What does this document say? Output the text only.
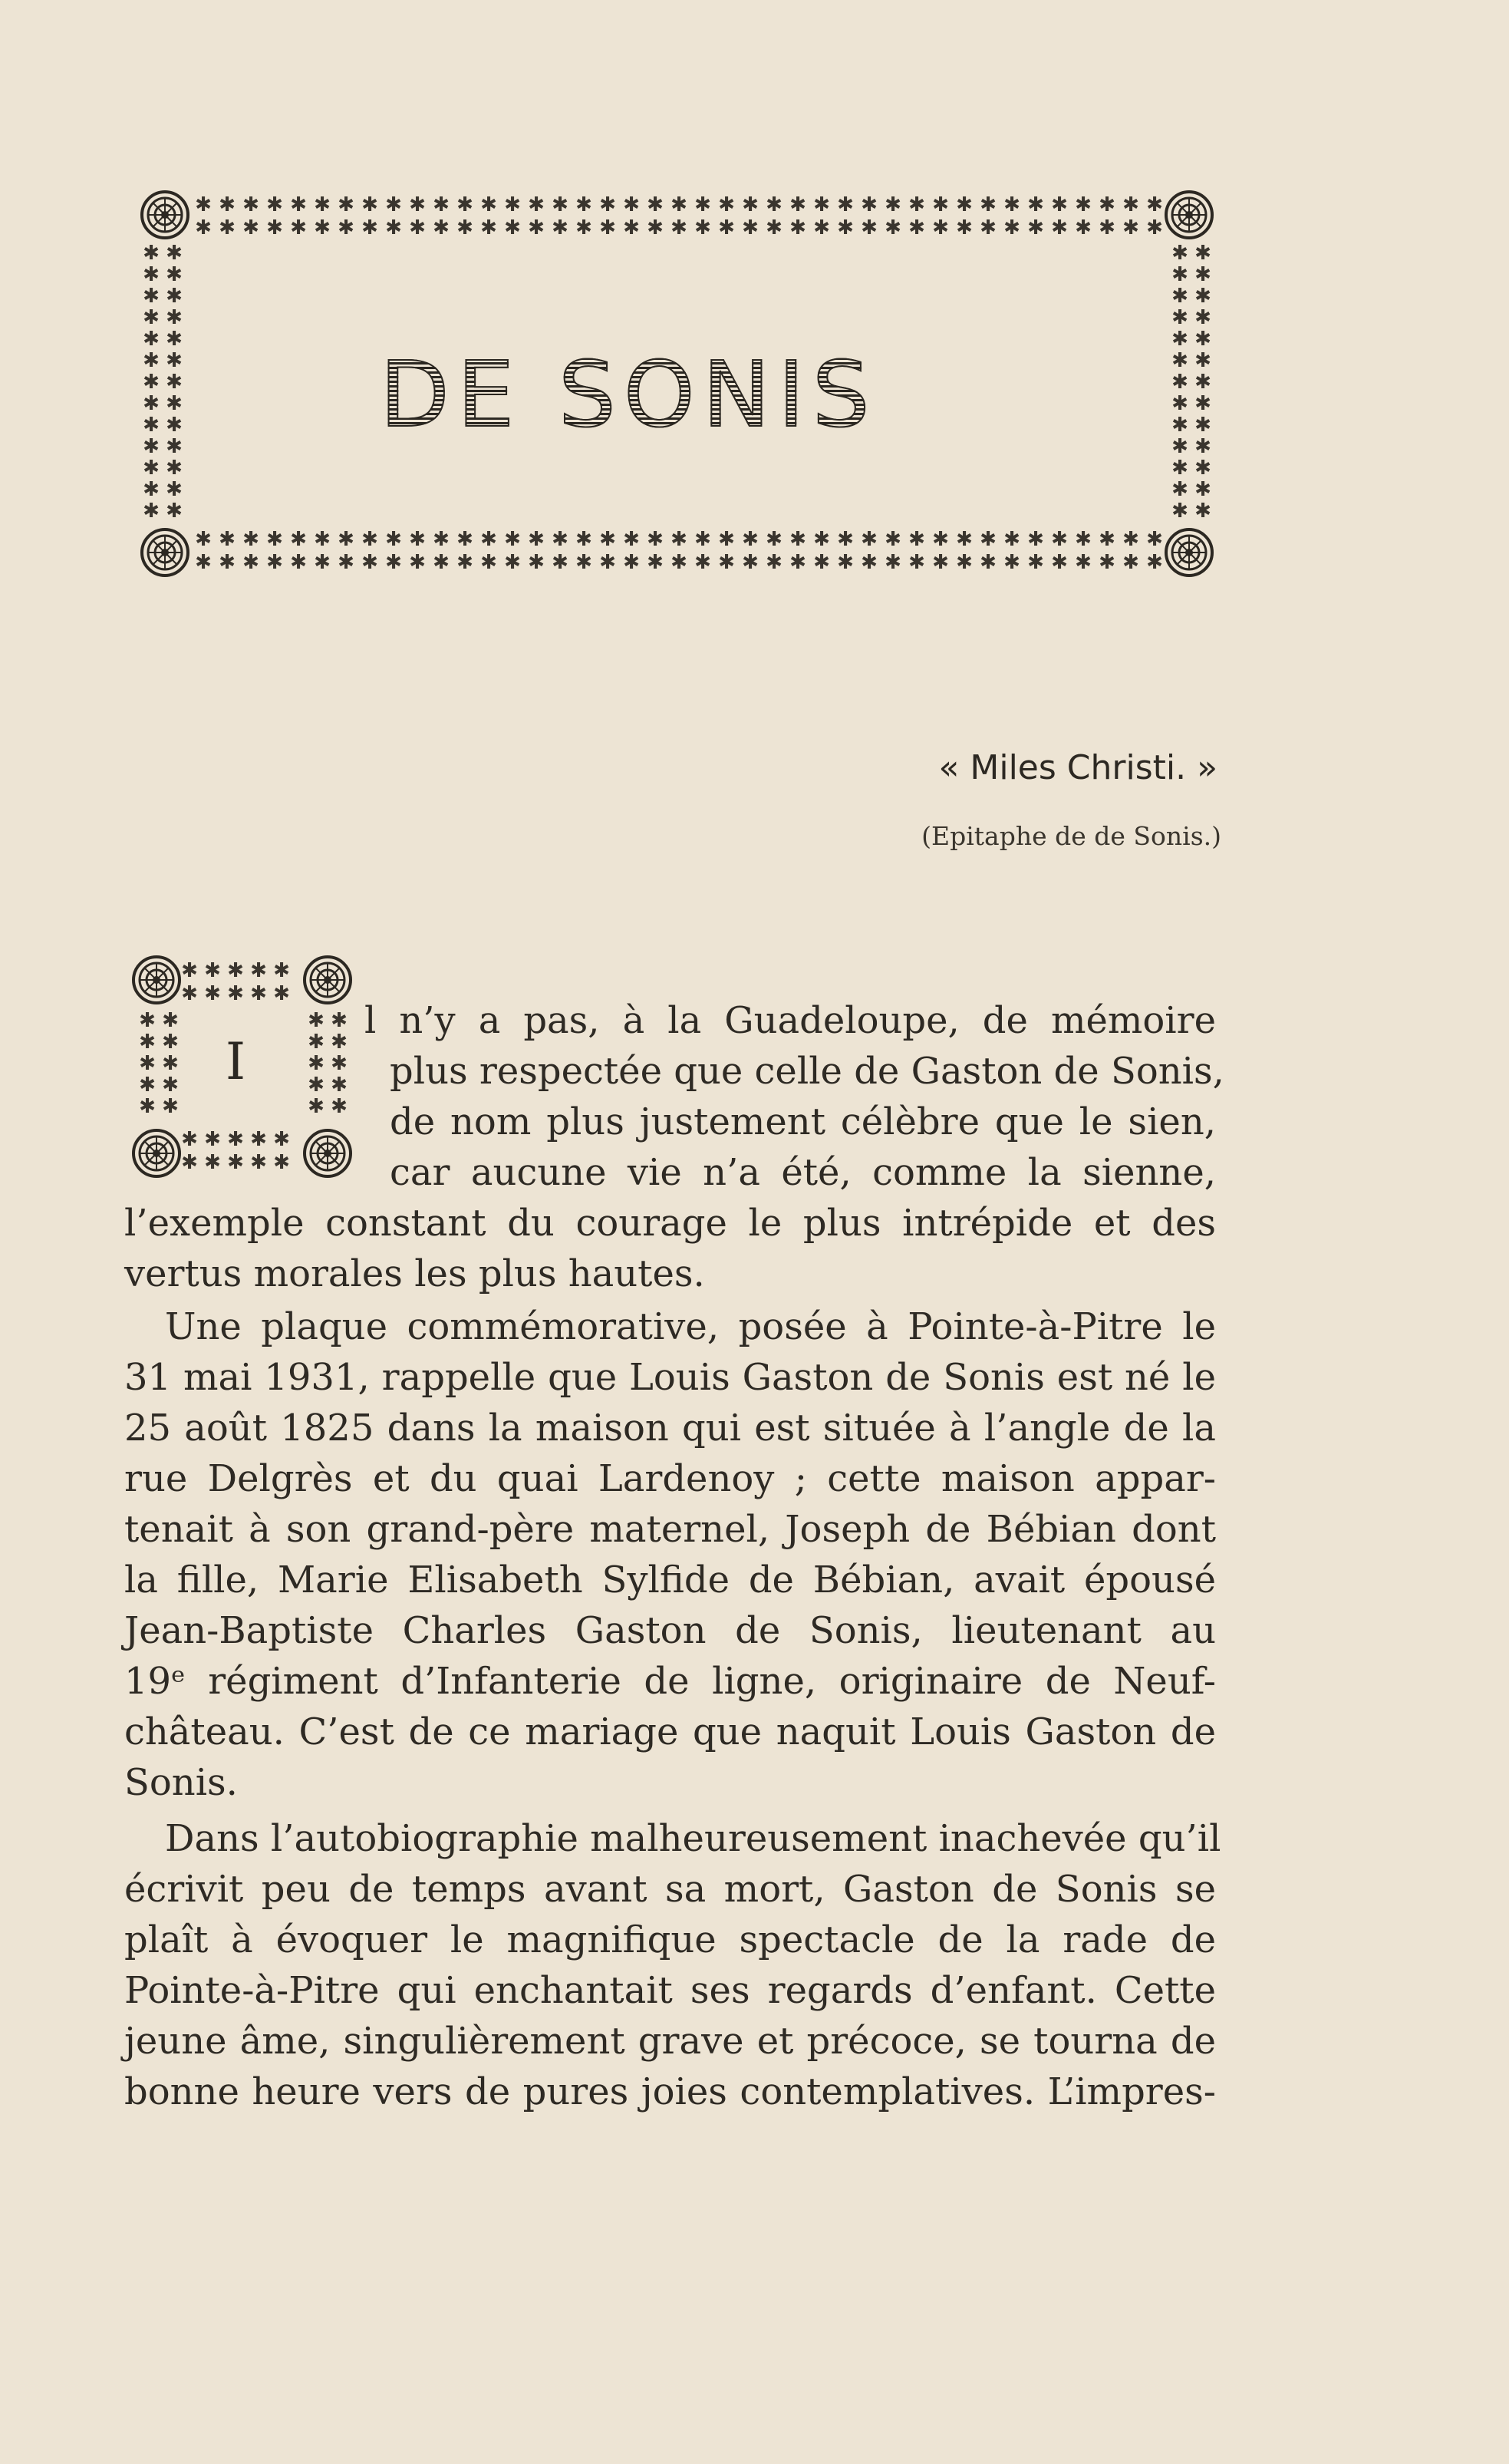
✱
DE SONIS
« Miles Christi. »
(Epitaphe de de Sonis.)
I
l n’y a pas, à la Guadeloupe, de mémoire
plus respectée que celle de Gaston de Sonis,
de nom plus justement célèbre que le sien,
car aucune vie n’a été, comme la sienne,
l’exemple constant du courage le plus intrépide et des
vertus morales les plus hautes.
Une plaque commémorative, posée à Pointe-à-Pitre le
31 mai 1931, rappelle que Louis Gaston de Sonis est né le
25 août 1825 dans la maison qui est située à l’angle de la
rue Delgrès et du quai Lardenoy ; cette maison appar-
tenait à son grand-père maternel, Joseph de Bébian dont
la fille, Marie Elisabeth Sylfide de Bébian, avait épousé
Jean-Baptiste Charles Gaston de Sonis, lieutenant au
19ᵉ régiment d’Infanterie de ligne, originaire de Neuf-
château. C’est de ce mariage que naquit Louis Gaston de
Sonis.
Dans l’autobiographie malheureusement inachevée qu’il
écrivit peu de temps avant sa mort, Gaston de Sonis se
plaît à évoquer le magnifique spectacle de la rade de
Pointe-à-Pitre qui enchantait ses regards d’enfant. Cette
jeune âme, singulièrement grave et précoce, se tourna de
bonne heure vers de pures joies contemplatives. L’impres-
